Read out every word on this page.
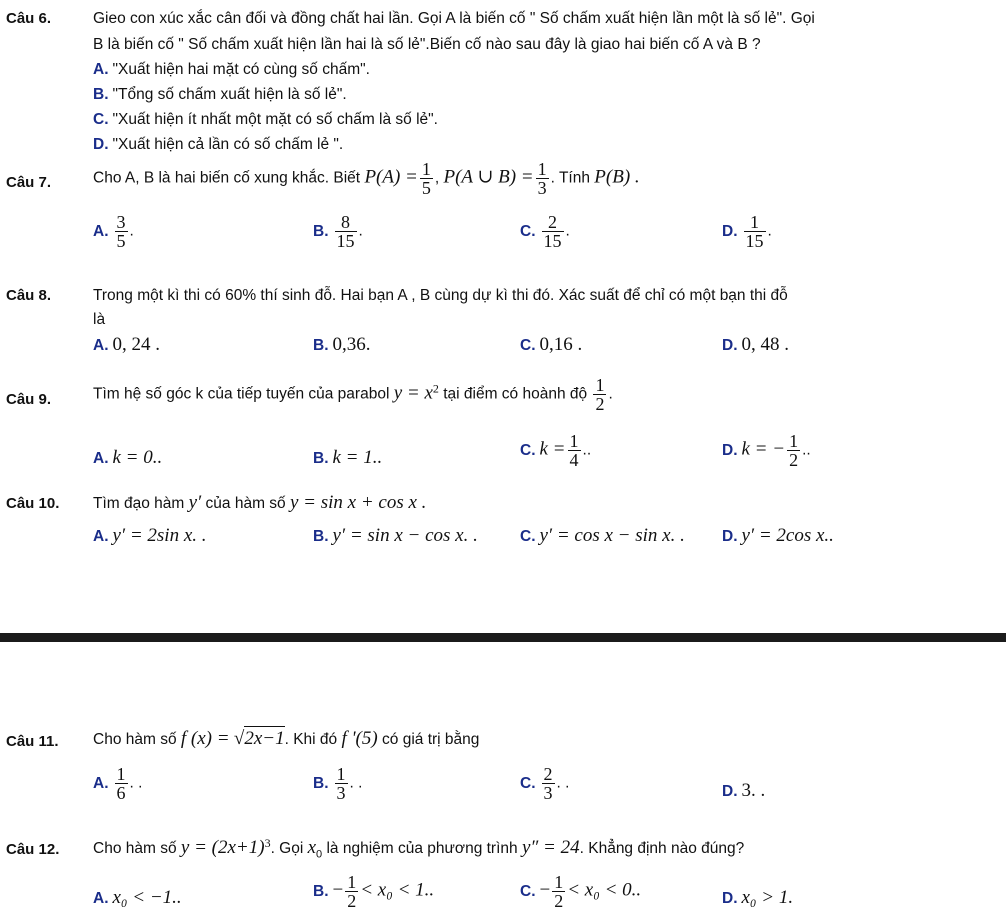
Câu 6.	Gieo con xúc xắc cân đối và đồng chất hai lần. Gọi A là biến cố " Số chấm xuất hiện lần một là số lẻ". Gọi
B là biến cố " Số chấm xuất hiện lần hai là số lẻ".Biến cố nào sau đây là giao hai biến cố A và B ?
A. "Xuất hiện hai mặt có cùng số chấm".
B. "Tổng số chấm xuất hiện là số lẻ".
C. "Xuất hiện ít nhất một mặt có số chấm là số lẻ".
D. "Xuất hiện cả lần có số chấm lẻ ".
Câu 7.	Cho A, B là hai biến cố xung khắc. Biết $P(A) = \frac{1}{5}$ , P(A ∪ $B) = \frac{1}{3}$ . Tính P(B) .
A. $\frac{3}{5}$ .	B. $\frac{8}{15}$ .	C. $\frac{2}{15}$ .	D. $\frac{1}{15}$ .
Câu 8.	Trong một kì thi có 60% thí sinh đỗ. Hai bạn A , B cùng dự kì thi đó. Xác suất để chỉ có một bạn thi đỗ
là
A. 0, 24 .	B. 0,36.	C. 0,16 .	D. 0, 48 .
Câu 9.	Tìm hệ số góc k của tiếp tuyến của parabol $y = x^2$ tại điểm có hoành độ $\frac{1}{2}$ .
A. k = 0..	B. k = 1..	C. $k = \frac{1}{4}$ ..	D. k = − $\frac{1}{2}$ ..
Câu 10. Tìm đạo hàm y′ của hàm số y = sin x + cos x .
A. y′ = 2sin x. .	B. y′ = sin x − cos x. .	C. y′ = cos x − sin x. . D. y′ = 2cos x..
Câu 11. Cho hàm số f (x) = √2x−1. Khi đó f '(5) có giá trị bằng
A. $\frac{1}{6}$ . .	B. $\frac{1}{3}$ . .	C. $\frac{2}{3}$ . .	D. 3. .
Câu 12. Cho hàm số $y = (2x+1)^3$. Gọi $x_0$ là nghiệm của phương trình y″ = 24. Khẳng định nào đúng?
A. x₀ < −1..	B. − $\frac{1}{2} < x_0 < 1$..	C. − $\frac{1}{2} < x_0 < 0$..	D. x₀ > 1.
